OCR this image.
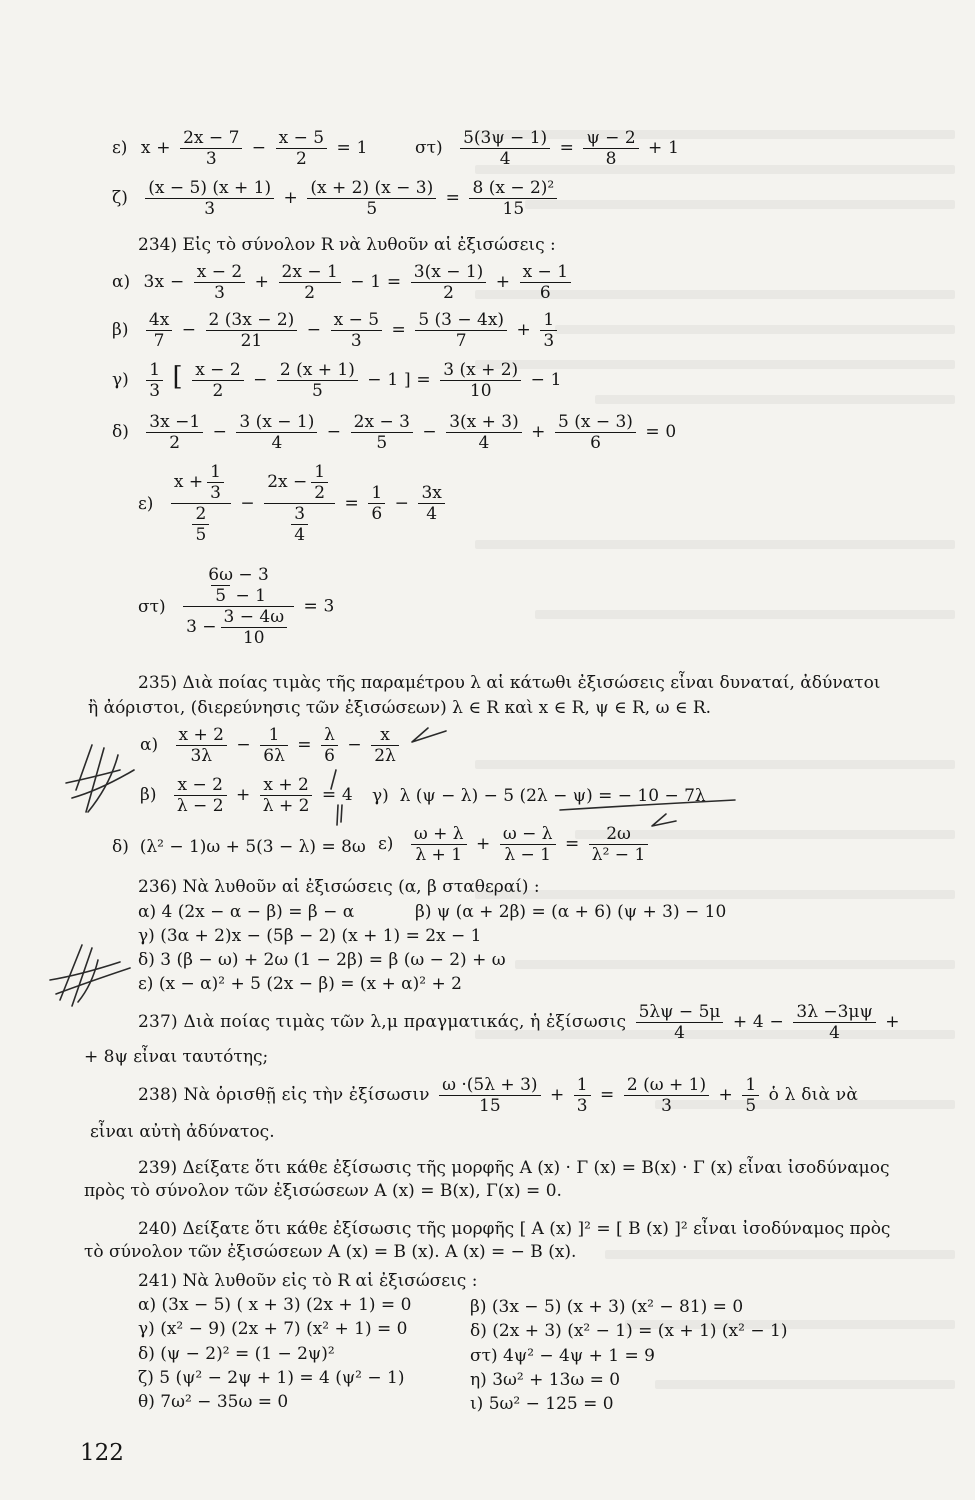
ε) $x + \frac{2x - 7}{3} - \frac{x - 5}{2} = 1$	$\sigma\tau) \frac{5(3\psi - 1)}{4} = \frac{\psi - 2}{8} + 1$
$\zeta) \frac{(x - 5) (x + 1)}{3} + \frac{(x + 2) (x - 3)}{5} = \frac{\text{8 (x − 2)²}}{15}$
234) Εἰς τὸ σύνολον R νὰ λυθοῦν αἱ ἐξισώσεις :
α) $3x - \frac{x - 2}{3} + \frac{2x - 1}{2} - 1 = \frac{3(x - 1)}{2} + \frac{x - 1}{6}$
$\beta) \frac{4x}{7} - \frac{2 (3x - 2)}{21} - \frac{x - 5}{3} = \frac{5 (3 - 4x)}{7} + \frac{1}{3}$
$\gamma) \frac{1}{3}$ [ $\frac{x - 2}{2} - \frac{2 (x + 1)}{5} - 1$ ] = $\frac{3 (x + 2)}{10} - 1$
$\delta) \frac{3x -1}{2} - \frac{3 (x - 1)}{4} - \frac{2x - 3}{5} - \frac{3(x + 3)}{4} + \frac{5 (x - 3)}{6} = 0$
$\varepsilon) \frac{x + \frac{1}{3}}{\frac{2}{5}} - \frac{2x - \frac{1}{2}}{\frac{3}{4}} = \frac{1}{6} - \frac{3x}{4}$
στ) 6ω − 3
5 − 1
$3 - \frac{3 - 4\omega}{10} = 3$
235) Διὰ ποίας τιμὰς τῆς παραμέτρου λ αἱ κάτωθι ἐξισώσεις εἶναι δυναταί, ἀδύνατοι
ἢ ἀόριστοι, (διερεύνησις τῶν ἐξισώσεων) λ ∈ R καὶ x ∈ R, ψ ∈ R, ω ∈ R.
$\alpha) \frac{x + 2}{3\lambda} - \frac{1}{6\lambda} = \frac{\lambda}{6} - \frac{x}{2\lambda}$
$\beta) \frac{x - 2}{\lambda - 2} + \frac{x + 2}{\lambda + 2} = 4$ γ) λ (ψ − λ) − 5 (2λ − ψ) = − 10 − 7λ
δ) (λ² − 1)ω + 5(3 − λ) = 8ω $\varepsilon) \frac{\omega + \lambda}{\lambda + 1} + \frac{\omega - \lambda}{\lambda - 1} = \frac{2\omega}{\text{λ² − 1}}$
236) Νὰ λυθοῦν αἱ ἐξισώσεις (α, β σταθεραί) :
α) 4 (2x − α − β) = β − α	β) ψ (α + 2β) = (α + 6) (ψ + 3) − 10
γ) (3α + 2)x − (5β − 2) (x + 1) = 2x − 1
δ) 3 (β − ω) + 2ω (1 − 2β) = β (ω − 2) + ω
ε) (x − α)² + 5 (2x − β) = (x + α)² + 2
237) Διὰ ποίας τιμὰς τῶν λ,μ πραγματικάς, ἡ ἐξίσωσις $\frac{5\lambda\psi - 5\mu}{4} + 4 - \frac{3\lambda -3\mu\psi}{4}$ +
+ 8ψ εἶναι ταυτότης;
238) Νὰ ὁρισθῇ εἰς τὴν ἐξίσωσιν $\frac{\omega \cdot(5\lambda + 3)}{15} + \frac{1}{3} = \frac{2 (\omega + 1)}{3} + \frac{1}{5}$ ὁ λ διὰ νὰ
εἶναι αὐτὴ ἀδύνατος.
239) Δείξατε ὅτι κάθε ἐξίσωσις τῆς μορφῆς Α (x) · Γ (x) = B(x) · Γ (x) εἶναι ἰσοδύναμος
πρὸς τὸ σύνολον τῶν ἐξισώσεων Α (x) = B(x), Γ(x) = 0.
240) Δείξατε ὅτι κάθε ἐξίσωσις τῆς μορφῆς [ Α (x) ]² = [ B (x) ]² εἶναι ἰσοδύναμος πρὸς
τὸ σύνολον τῶν ἐξισώσεων Α (x) = Β (x). Α (x) = − Β (x).
241) Νὰ λυθοῦν εἰς τὸ R αἱ ἐξισώσεις :
α) (3x − 5) ( x + 3) (2x + 1) = 0	β) (3x − 5) (x + 3) (x² − 81) = 0
γ) (x² − 9) (2x + 7) (x² + 1) = 0	δ) (2x + 3) (x² − 1) = (x + 1) (x² − 1)
δ) (ψ − 2)² = (1 − 2ψ)²	στ) 4ψ² − 4ψ + 1 = 9
ζ) 5 (ψ² − 2ψ + 1) = 4 (ψ² − 1)	η) 3ω² + 13ω = 0
θ) 7ω² − 35ω = 0	ι) 5ω² − 125 = 0
122
